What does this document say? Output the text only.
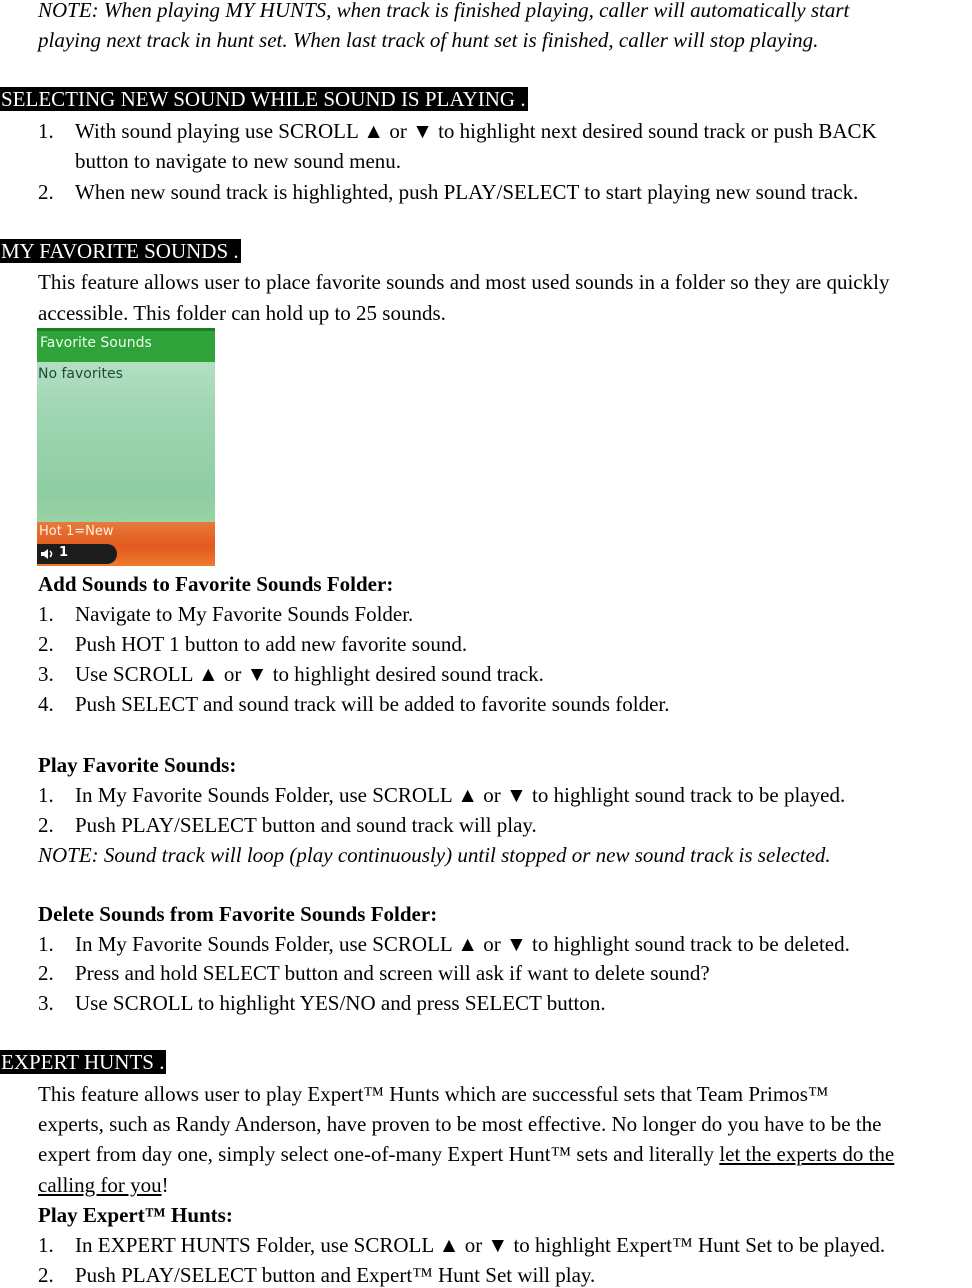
NOTE: When playing MY HUNTS, when track is finished playing, caller will automatically start
playing next track in hunt set. When last track of hunt set is finished, caller will stop playing.
SELECTING NEW SOUND WHILE SOUND IS PLAYING .
1. With sound playing use SCROLL ▲ or ▼ to highlight next desired sound track or push BACK
button to navigate to new sound menu.
2. When new sound track is highlighted, push PLAY/SELECT to start playing new sound track.
MY FAVORITE SOUNDS .
This feature allows user to place favorite sounds and most used sounds in a folder so they are quickly
accessible. This folder can hold up to 25 sounds.
Favorite Sounds
No favorites
Hot 1=New
1
Add Sounds to Favorite Sounds Folder:
1. Navigate to My Favorite Sounds Folder.
2. Push HOT 1 button to add new favorite sound.
3. Use SCROLL ▲ or ▼ to highlight desired sound track.
4. Push SELECT and sound track will be added to favorite sounds folder.
Play Favorite Sounds:
1. In My Favorite Sounds Folder, use SCROLL ▲ or ▼ to highlight sound track to be played.
2. Push PLAY/SELECT button and sound track will play.
NOTE: Sound track will loop (play continuously) until stopped or new sound track is selected.
Delete Sounds from Favorite Sounds Folder:
1. In My Favorite Sounds Folder, use SCROLL ▲ or ▼ to highlight sound track to be deleted.
2. Press and hold SELECT button and screen will ask if want to delete sound?
3. Use SCROLL to highlight YES/NO and press SELECT button.
EXPERT HUNTS .
This feature allows user to play Expert™ Hunts which are successful sets that Team Primos™
experts, such as Randy Anderson, have proven to be most effective. No longer do you have to be the
expert from day one, simply select one-of-many Expert Hunt™ sets and literally let the experts do the
calling for you!
Play Expert™ Hunts:
1. In EXPERT HUNTS Folder, use SCROLL ▲ or ▼ to highlight Expert™ Hunt Set to be played.
2. Push PLAY/SELECT button and Expert™ Hunt Set will play.
